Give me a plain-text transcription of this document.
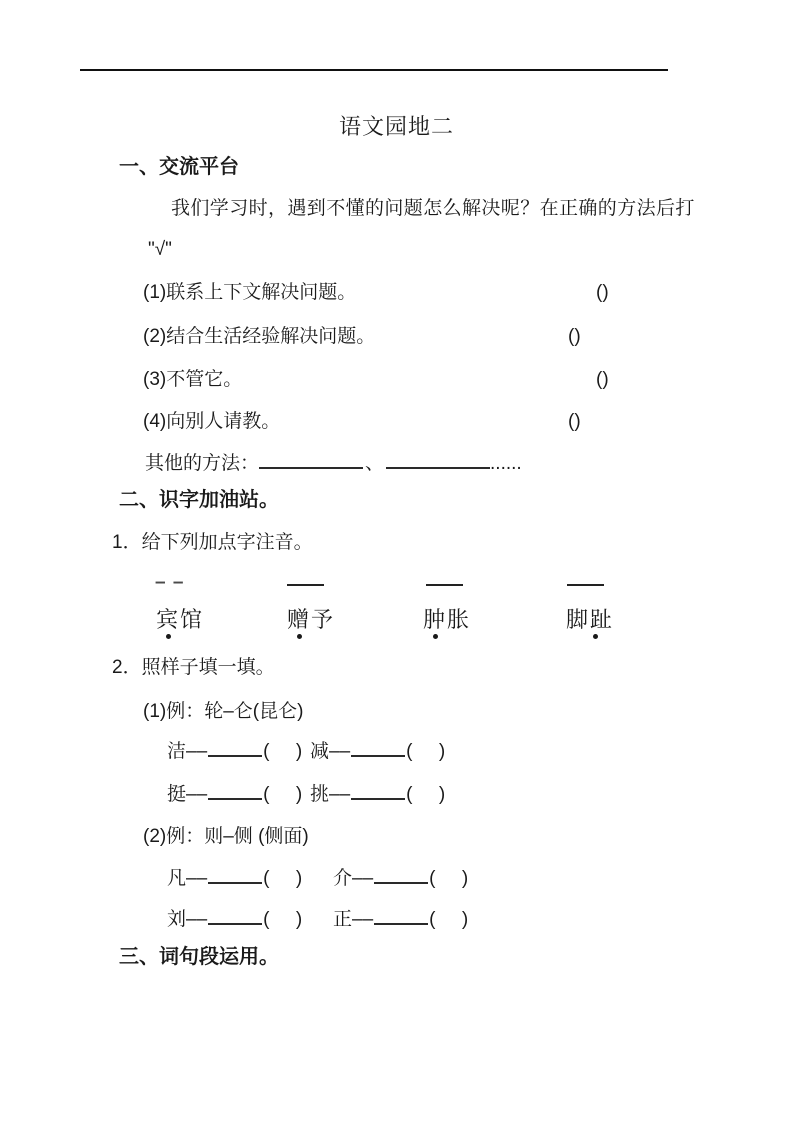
语文园地二
一、交流平台
我们学习时，遇到不懂的问题怎么解决呢？在正确的方法后打
"√"
(1)联系上下文解决问题。	()
(2)结合生活经验解决问题。	()
(3)不管它。	()
(4)向别人请教。	()
其他的方法：	、	......
二、识字加油站。
1．给下列加点字注音。
– –
宾馆	赠予	肿胀	脚趾
2．照样子填一填。
(1)例：轮–仑(昆仑)
洁––	(     ) 减––	(     )
挺––	(     ) 挑––	(     )
(2)例：则–侧 (侧面)
凡––	(     ) 介––	(     )
刘––	(     ) 正––	(     )
三、词句段运用。
